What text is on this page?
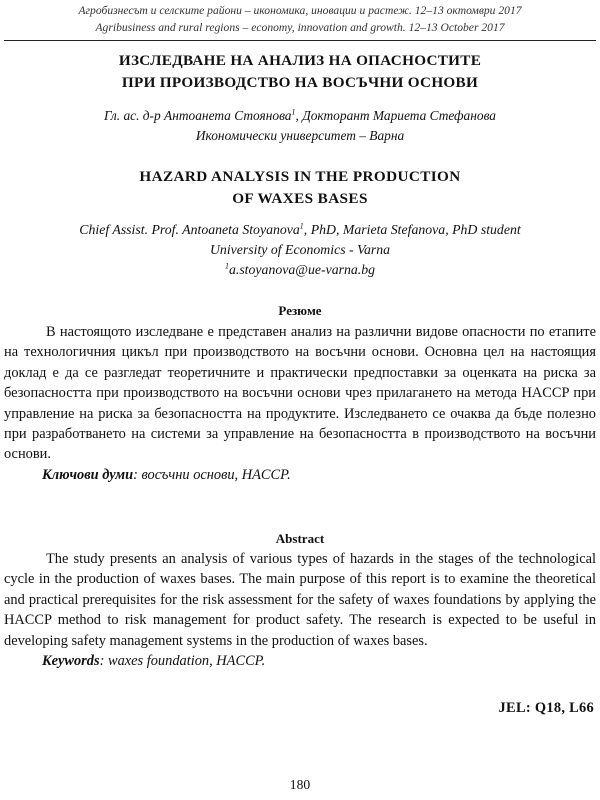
Агробизнесът и селските райони – икономика, иновации и растеж. 12–13 октомври 2017
Agribusiness and rural regions – economy, innovation and growth. 12–13 October 2017
ИЗСЛЕДВАНЕ НА АНАЛИЗ НА ОПАСНОСТИТЕ
ПРИ ПРОИЗВОДСТВО НА ВОСЪЧНИ ОСНОВИ
Гл. ас. д-р Антоанета Стоянова$^1$, Докторант Мариета Стефанова
Икономически университет – Варна
HAZARD ANALYSIS IN THE PRODUCTION
OF WAXES BASES
Chief Assist. Prof. Antoaneta Stoyanova$^1$, PhD, Marieta Stefanova, PhD student
University of Economics - Varna
$^1$a.stoyanova@ue-varna.bg
Резюме

В настоящото изследване е представен анализ на различни видове опасности по етапите на технологичния цикъл при производството на восъчни основи. Основна цел на настоящия доклад е да се разгледат теоретичните и практически предпоставки за оценката на риска за безопасността при производството на восъчни основи чрез прилагането на метода HACCP при управление на риска за безопасността на продуктите. Изследването се очаква да бъде полезно при разработването на системи за управление на безопасността в производството на восъчни основи.

Ключови думи: восъчни основи, HACCP.
Abstract

The study presents an analysis of various types of hazards in the stages of the technological cycle in the production of waxes bases. The main purpose of this report is to examine the theoretical and practical prerequisites for the risk assessment for the safety of waxes foundations by applying the HACCP method to risk management for product safety. The research is expected to be useful in developing safety management systems in the production of waxes bases.

Keywords: waxes foundation, HACCP.
JEL: Q18, L66
180
